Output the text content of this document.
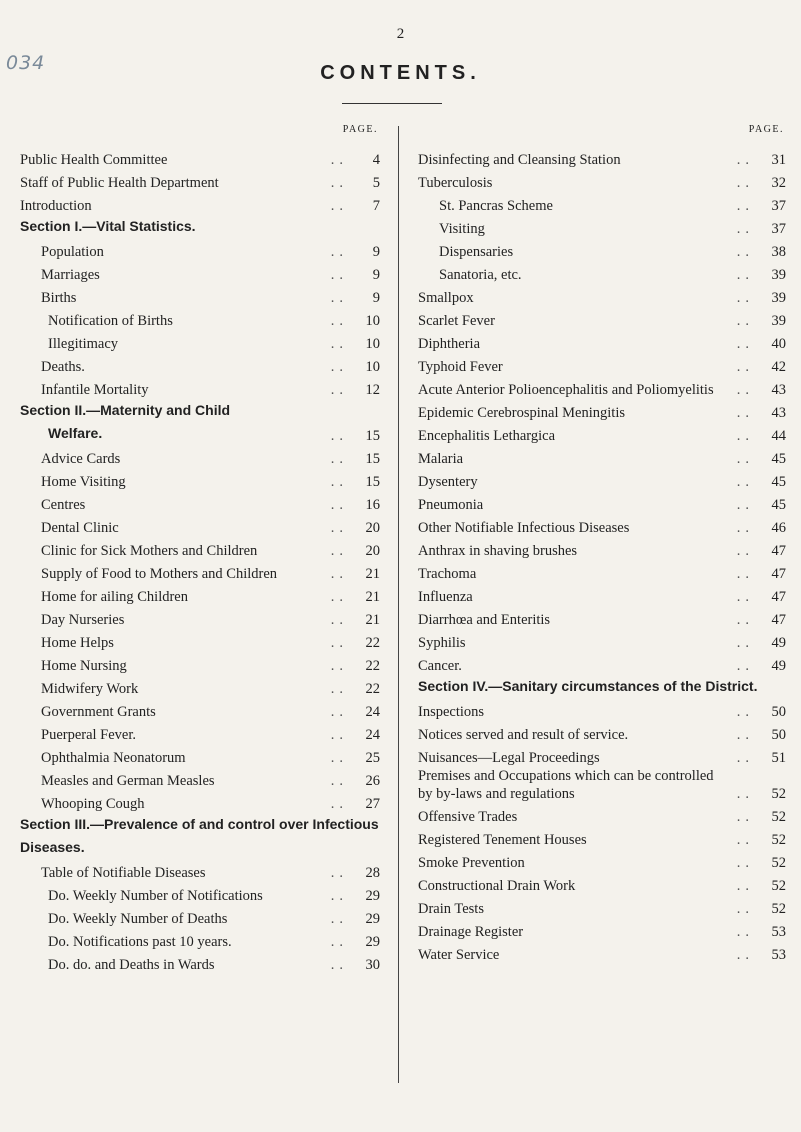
2
034	CONTENTS.
PAGE.
Public Health Committee	..	4
Staff of Public Health Department	..	5
Introduction	..	7
Section I.—Vital Statistics.
Population	..	9
Marriages	..	9
Births	..	9
Notification of Births	..	10
Illegitimacy	..	10
Deaths.	..	10
Infantile Mortality	..	12
Section II.—Maternity and Child
Welfare.	..	15
Advice Cards	..	15
Home Visiting	..	15
Centres	..	16
Dental Clinic	..	20
Clinic for Sick Mothers and Children	..	20
Supply of Food to Mothers and Children	..	21
Home for ailing Children	..	21
Day Nurseries	..	21
Home Helps	..	22
Home Nursing	..	22
Midwifery Work	..	22
Government Grants	..	24
Puerperal Fever.	..	24
Ophthalmia Neonatorum	..	25
Measles and German Measles	..	26
Whooping Cough	..	27
Section III.—Prevalence of and control over Infectious Diseases.
Table of Notifiable Diseases	..	28
Do. Weekly Number of Notifications	..	29
Do. Weekly Number of Deaths	..	29
Do. Notifications past 10 years.	..	29
Do. do. and Deaths in Wards	..	30
PAGE.
Disinfecting and Cleansing Station	..	31
Tuberculosis	..	32
St. Pancras Scheme	..	37
Visiting	..	37
Dispensaries	..	38
Sanatoria, etc.	..	39
Smallpox	..	39
Scarlet Fever	..	39
Diphtheria	..	40
Typhoid Fever	..	42
Acute Anterior Polioencephalitis and Poliomyelitis	..	43
Epidemic Cerebrospinal Meningitis	..	43
Encephalitis Lethargica	..	44
Malaria	..	45
Dysentery	..	45
Pneumonia	..	45
Other Notifiable Infectious Diseases	..	46
Anthrax in shaving brushes	..	47
Trachoma	..	47
Influenza	..	47
Diarrhœa and Enteritis	..	47
Syphilis	..	49
Cancer.	..	49
Section IV.—Sanitary circumstances of the District.
Inspections	..	50
Notices served and result of service.	..	50
Nuisances—Legal Proceedings	..	51
Premises and Occupations which can be controlled by by-laws and regulations	..	52
Offensive Trades	..	52
Registered Tenement Houses	..	52
Smoke Prevention	..	52
Constructional Drain Work	..	52
Drain Tests	..	52
Drainage Register	..	53
Water Service	..	53
